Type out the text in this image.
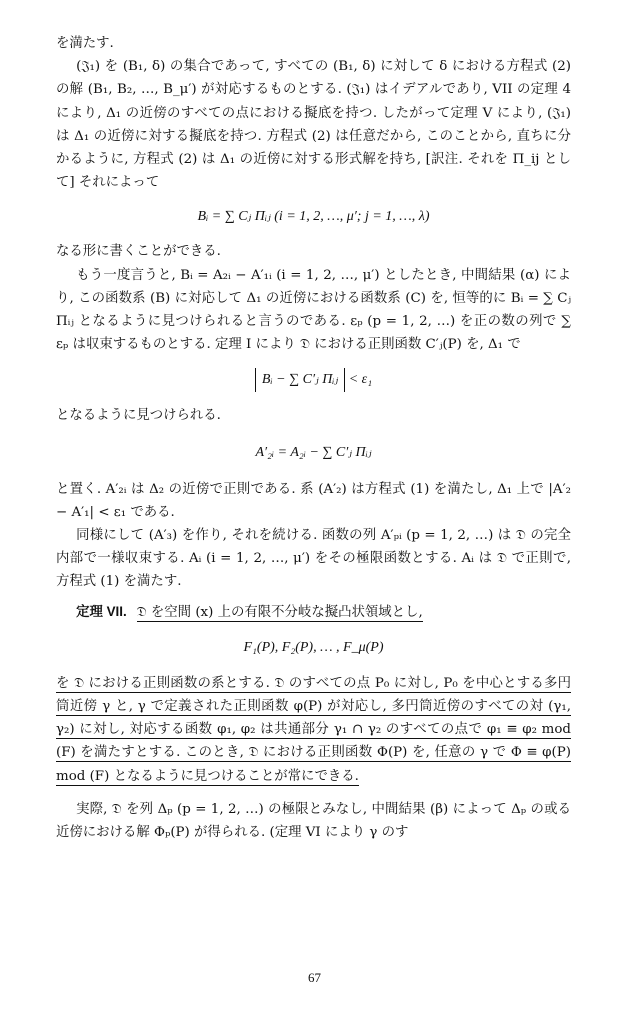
を満たす.

(𝔍₁) を (B₁, δ) の集合であって, すべての (B₁, δ) に対して δ における方程式 (2) の解 (B₁, B₂, …, B_μ′) が対応するものとする. (𝔍₁) はイデアルであり, VII の定理 4 により, Δ₁ の近傍のすべての点における擬底を持つ. したがって定理 V により, (𝔍₁) は Δ₁ の近傍に対する擬底を持つ. 方程式 (2) は任意だから, このことから, 直ちに分かるように, 方程式 (2) は Δ₁ の近傍に対する形式解を持ち, [訳注. それを Π_ij として] それによって

Bᵢ = ∑ Cⱼ Πᵢⱼ (i = 1, 2, …, μ′; j = 1, …, λ)

なる形に書くことができる.

もう一度言うと, Bᵢ = A₂ᵢ − A′₁ᵢ (i = 1, 2, …, μ′) としたとき, 中間結果 (α) により, この函数系 (B) に対応して Δ₁ の近傍における函数系 (C) を, 恒等的に Bᵢ = ∑ Cⱼ Πᵢⱼ となるように見つけられると言うのである. εₚ (p = 1, 2, …) を正の数の列で ∑ εₚ は収束するものとする. 定理 I により 𝔇 における正則函数 C′ⱼ(P) を, Δ₁ で

Bᵢ − ∑ C′ⱼ Πᵢⱼ < ε₁

となるように見つけられる.

A′₂ᵢ = A₂ᵢ − ∑ C′ⱼ Πᵢⱼ

と置く. A′₂ᵢ は Δ₂ の近傍で正則である. 系 (A′₂) は方程式 (1) を満たし, Δ₁ 上で |A′₂ − A′₁| < ε₁ である.

同様にして (A′₃) を作り, それを続ける. 函数の列 A′ₚᵢ (p = 1, 2, …) は 𝔇 の完全内部で一様収束する. Aᵢ (i = 1, 2, …, μ′) をその極限函数とする. Aᵢ は 𝔇 で正則で, 方程式 (1) を満たす.

定理 VII. 𝔇 を空間 (x) 上の有限不分岐な擬凸状領域とし,

F₁(P), F₂(P), … , F_μ(P)

を 𝔇 における正則函数の系とする. 𝔇 のすべての点 P₀ に対し, P₀ を中心とする多円筒近傍 γ と, γ で定義された正則函数 φ(P) が対応し, 多円筒近傍のすべての対 (γ₁, γ₂) に対し, 対応する函数 φ₁, φ₂ は共通部分 γ₁ ∩ γ₂ のすべての点で φ₁ ≡ φ₂ mod (F) を満たすとする. このとき, 𝔇 における正則函数 Φ(P) を, 任意の γ で Φ ≡ φ(P) mod (F) となるように見つけることが常にできる.

実際, 𝔇 を列 Δₚ (p = 1, 2, …) の極限とみなし, 中間結果 (β) によって Δₚ の或る近傍における解 Φₚ(P) が得られる. (定理 VI により γ のす

67
